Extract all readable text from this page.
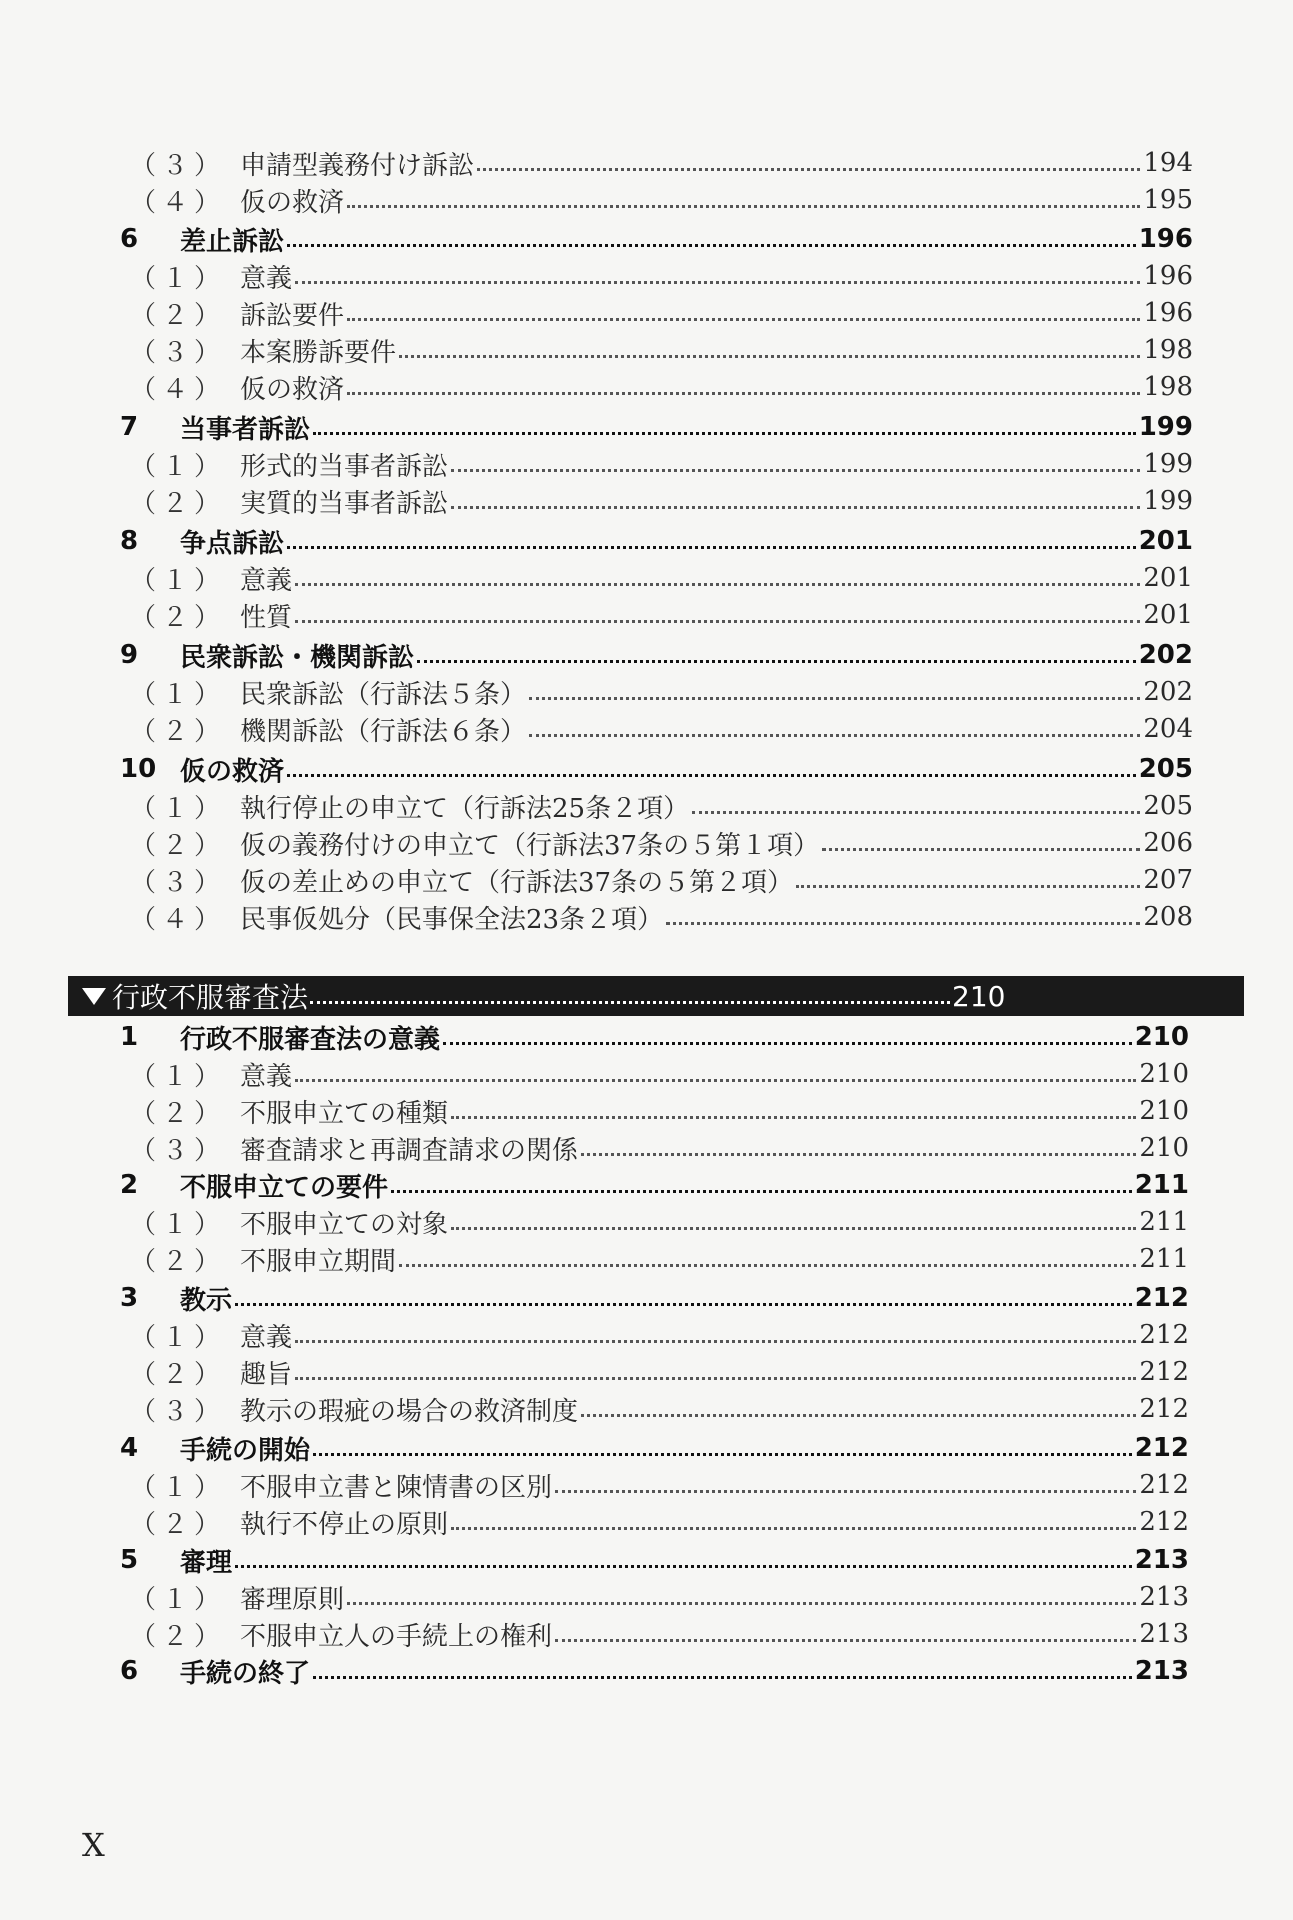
（３） 申請型義務付け訴訟	194
（４） 仮の救済	195
6	差止訴訟	196
（１） 意義	196
（２） 訴訟要件	196
（３） 本案勝訴要件	198
（４） 仮の救済	198
7	当事者訴訟	199
（１） 形式的当事者訴訟	199
（２） 実質的当事者訴訟	199
8	争点訴訟	201
（１） 意義	201
（２） 性質	201
9	民衆訴訟・機関訴訟	202
（１） 民衆訴訟（行訴法５条）	202
（２） 機関訴訟（行訴法６条）	204
10 仮の救済	205
（１） 執行停止の申立て（行訴法25条２項）	205
（２） 仮の義務付けの申立て（行訴法37条の５第１項）	206
（３） 仮の差止めの申立て（行訴法37条の５第２項）	207
（４） 民事仮処分（民事保全法23条２項）	208
行政不服審査法	210
1	行政不服審査法の意義	210
（１） 意義	210
（２） 不服申立ての種類	210
（３） 審査請求と再調査請求の関係	210
2	不服申立ての要件	211
（１） 不服申立ての対象	211
（２） 不服申立期間	211
3	教示	212
（１） 意義	212
（２） 趣旨	212
（３） 教示の瑕疵の場合の救済制度	212
4	手続の開始	212
（１） 不服申立書と陳情書の区別	212
（２） 執行不停止の原則	212
5	審理	213
（１） 審理原則	213
（２） 不服申立人の手続上の権利	213
6	手続の終了	213
X
